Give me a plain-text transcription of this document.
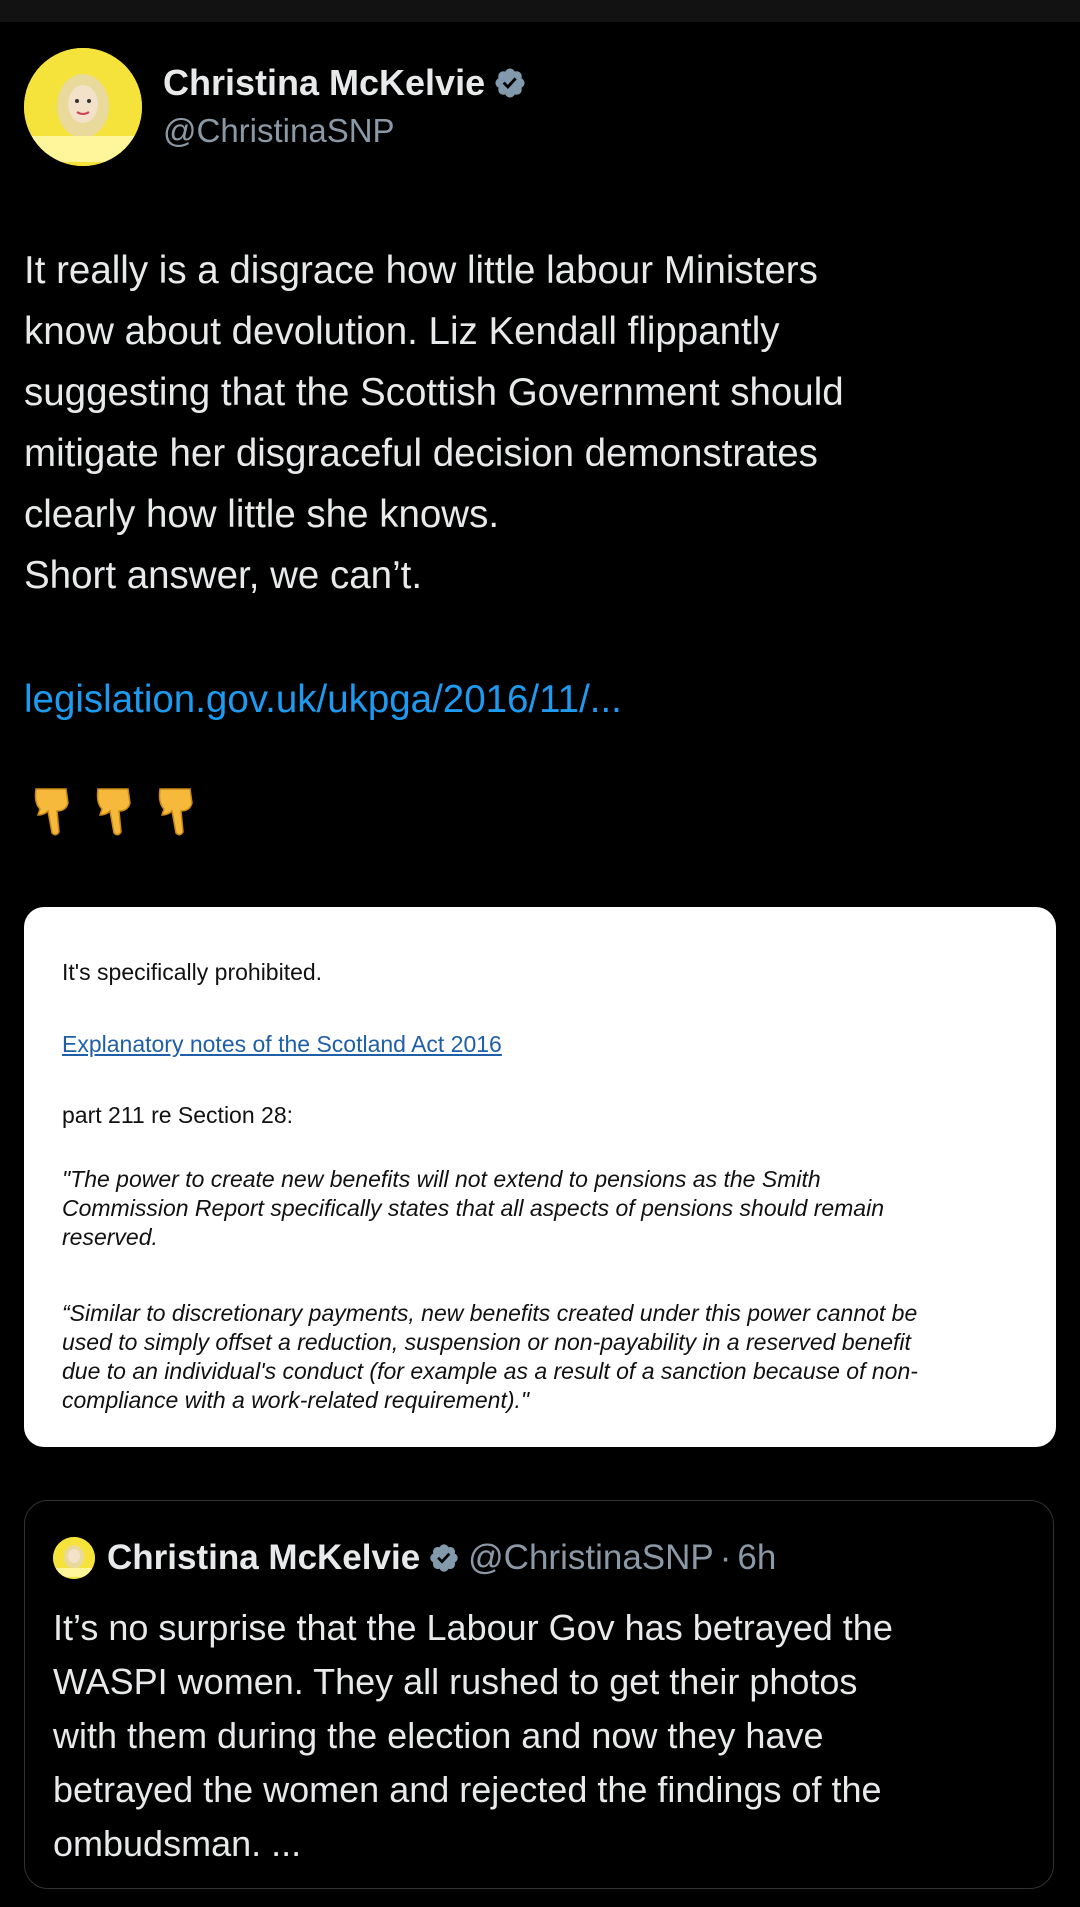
Christina McKelvie
@ChristinaSNP
It really is a disgrace how little labour Ministers
know about devolution. Liz Kendall flippantly
suggesting that the Scottish Government should
mitigate her disgraceful decision demonstrates
clearly how little she knows.
Short answer, we can’t.
legislation.gov.uk/ukpga/2016/11/...
It's specifically prohibited.
Explanatory notes of the Scotland Act 2016
part 211 re Section 28:
"The power to create new benefits will not extend to pensions as the Smith
Commission Report specifically states that all aspects of pensions should remain
reserved.
“Similar to discretionary payments, new benefits created under this power cannot be
used to simply offset a reduction, suspension or non-payability in a reserved benefit
due to an individual's conduct (for example as a result of a sanction because of non-
compliance with a work-related requirement)."
Christina McKelvie @ChristinaSNP · 6h
It’s no surprise that the Labour Gov has betrayed the
WASPI women. They all rushed to get their photos
with them during the election and now they have
betrayed the women and rejected the findings of the
ombudsman. ...
